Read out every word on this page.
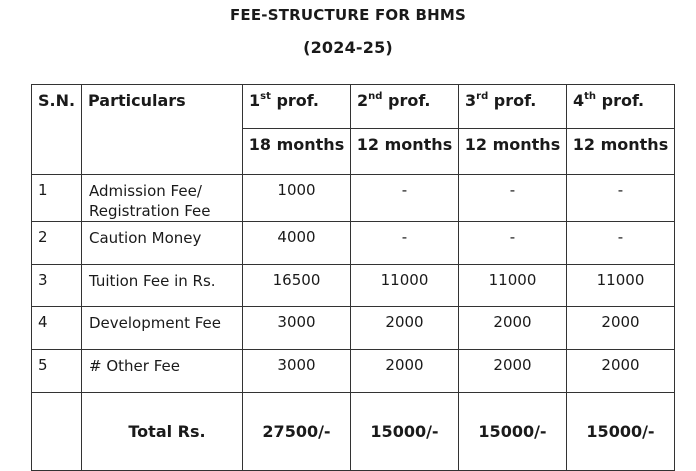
FEE-STRUCTURE FOR BHMS
(2024-25)
S.N.	Particulars	1st prof.	2nd prof.	3rd prof.	4th prof.
		18 months	12 months	12 months	12 months
1	Admission Fee/ Registration Fee	1000	-	-	-
2	Caution Money	4000	-	-	-
3	Tuition Fee in Rs.	16500	11000	11000	11000
4	Development Fee	3000	2000	2000	2000
5	# Other Fee	3000	2000	2000	2000
	Total Rs.	27500/-	15000/-	15000/-	15000/-
